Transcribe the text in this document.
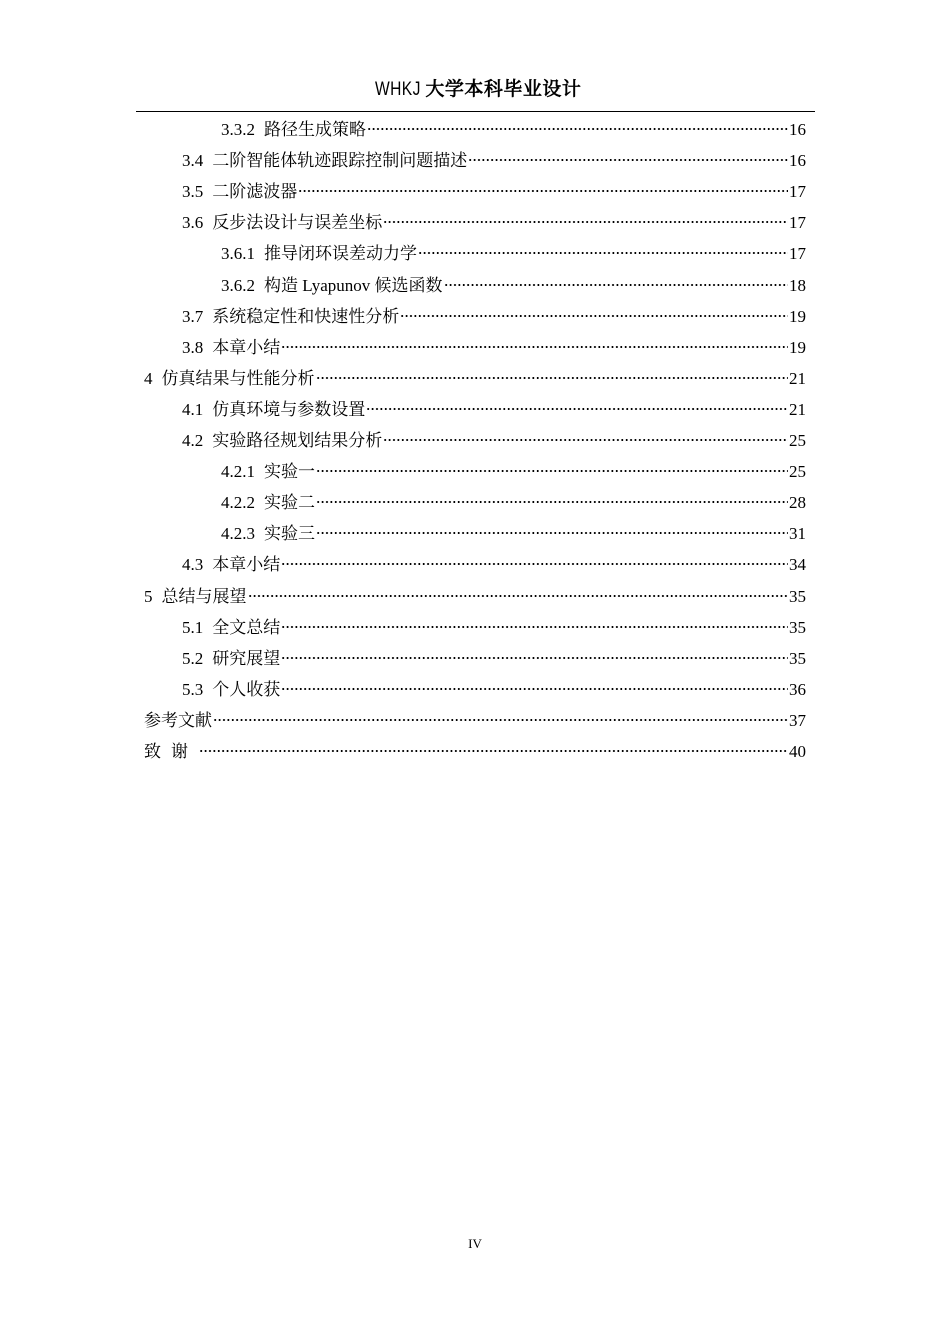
WHKJ 大学本科毕业设计
3.3.2 路径生成策略	16
3.4 二阶智能体轨迹跟踪控制问题描述	16
3.5 二阶滤波器	17
3.6 反步法设计与误差坐标	17
3.6.1 推导闭环误差动力学	17
3.6.2 构造 Lyapunov 候选函数	18
3.7 系统稳定性和快速性分析	19
3.8 本章小结	19
4 仿真结果与性能分析	21
4.1 仿真环境与参数设置	21
4.2 实验路径规划结果分析	25
4.2.1 实验一	25
4.2.2 实验二	28
4.2.3 实验三	31
4.3 本章小结	34
5 总结与展望	35
5.1 全文总结	35
5.2 研究展望	35
5.3 个人收获	36
参考文献	37
致谢	40
IV
